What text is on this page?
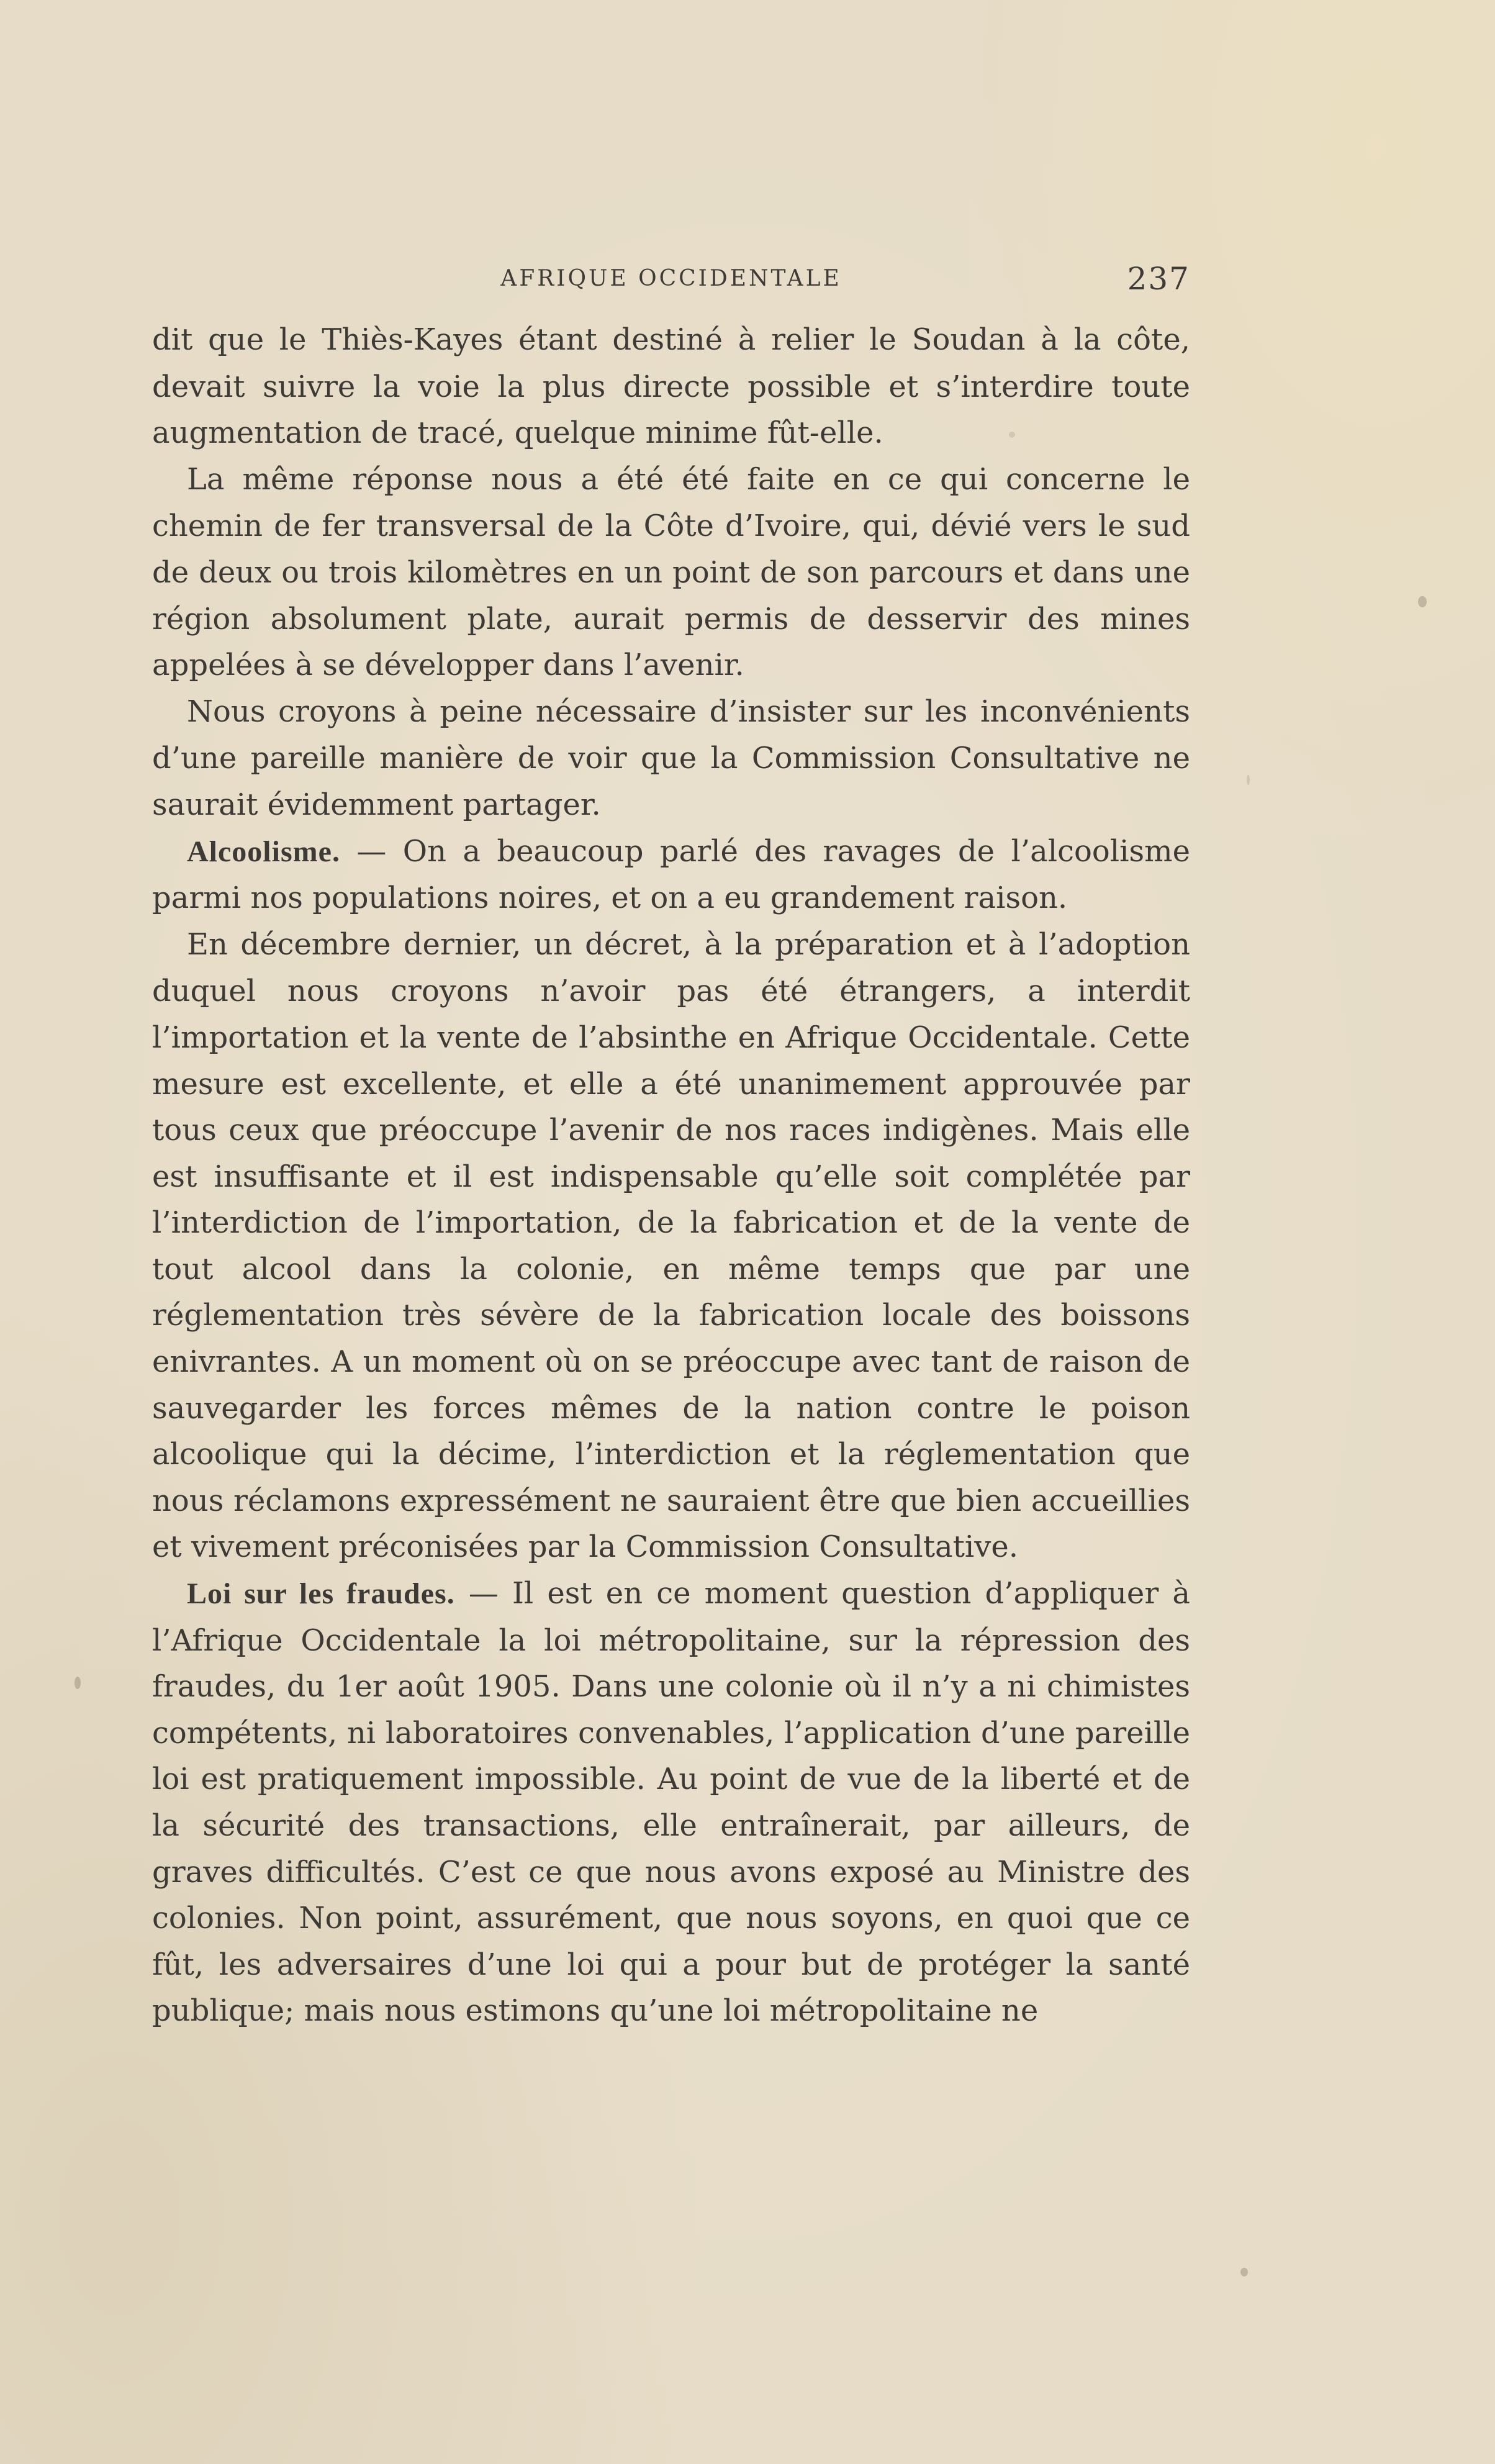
AFRIQUE OCCIDENTALE	237

dit que le Thiès-Kayes étant destiné à relier le Soudan à la côte, devait suivre la voie la plus directe possible et s’interdire toute augmentation de tracé, quelque minime fût-elle.

La même réponse nous a été été faite en ce qui concerne le chemin de fer transversal de la Côte d’Ivoire, qui, dévié vers le sud de deux ou trois kilomètres en un point de son parcours et dans une région absolument plate, aurait permis de desservir des mines appelées à se développer dans l’avenir.

Nous croyons à peine nécessaire d’insister sur les inconvénients d’une pareille manière de voir que la Commission Consultative ne saurait évidemment partager.

Alcoolisme. — On a beaucoup parlé des ravages de l’alcoolisme parmi nos populations noires, et on a eu grandement raison.

En décembre dernier, un décret, à la préparation et à l’adoption duquel nous croyons n’avoir pas été étrangers, a interdit l’importation et la vente de l’absinthe en Afrique Occidentale. Cette mesure est excellente, et elle a été unanimement approuvée par tous ceux que préoccupe l’avenir de nos races indigènes. Mais elle est insuffisante et il est indispensable qu’elle soit complétée par l’interdiction de l’importation, de la fabrication et de la vente de tout alcool dans la colonie, en même temps que par une réglementation très sévère de la fabrication locale des boissons enivrantes. A un moment où on se préoccupe avec tant de raison de sauvegarder les forces mêmes de la nation contre le poison alcoolique qui la décime, l’interdiction et la réglementation que nous réclamons expressément ne sauraient être que bien accueillies et vivement préconisées par la Commission Consultative.

Loi sur les fraudes. — Il est en ce moment question d’appliquer à l’Afrique Occidentale la loi métropolitaine, sur la répression des fraudes, du 1er août 1905. Dans une colonie où il n’y a ni chimistes compétents, ni laboratoires convenables, l’application d’une pareille loi est pratiquement impossible. Au point de vue de la liberté et de la sécurité des transactions, elle entraînerait, par ailleurs, de graves difficultés. C’est ce que nous avons exposé au Ministre des colonies. Non point, assurément, que nous soyons, en quoi que ce fût, les adversaires d’une loi qui a pour but de protéger la santé publique; mais nous estimons qu’une loi métropolitaine ne
